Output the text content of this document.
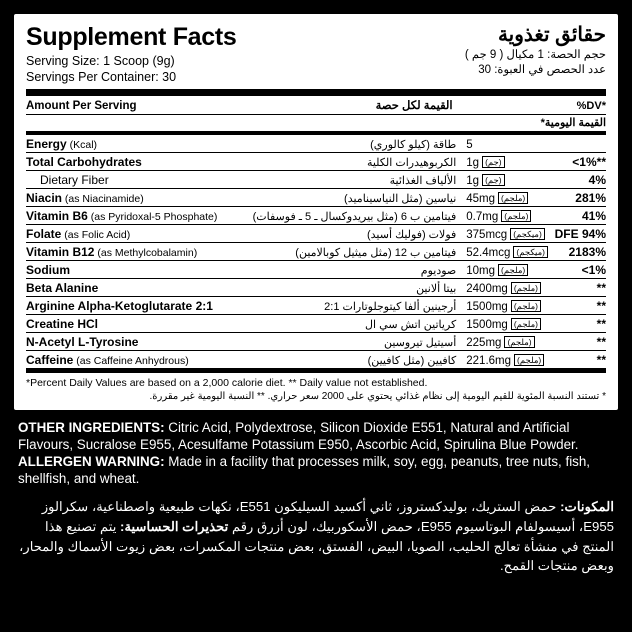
Supplement Facts
Serving Size: 1 Scoop (9g)
Servings Per Container: 30
حقائق تغذوية
حجم الحصة: 1 مكيال ( 9 جم )
عدد الحصص في العبوة: 30
Amount Per Serving	القيمة لكل حصة		%DV*
			*القيمة اليومية
Energy (Kcal)	طاقة (كيلو كالوري)	5	
Total Carbohydrates	الكربوهيدرات الكلية	1g (جم)	<1%**
Dietary Fiber	الألياف الغذائية	1g (جم)	4%
Niacin (as Niacinamide)	نياسين (مثل النياسيناميد)	45mg (ملجم)	281%
Vitamin B6 (as Pyridoxal-5 Phosphate)	فيتامين ب 6 (مثل بيريدوكسال ـ 5 ـ فوسفات)	0.7mg (ملجم)	41%
Folate (as Folic Acid)	فولات (فوليك أسيد)	375mcg (ميكجم)	DFE 94%
Vitamin B12 (as Methylcobalamin)	فيتامين ب 12 (مثل ميثيل كوبالامين)	52.4mcg (ميكجم)	2183%
Sodium	صوديوم	10mg (ملجم)	<1%
Beta Alanine	بيتا ألانين	2400mg (ملجم)	**
Arginine Alpha-Ketoglutarate 2:1	أرجينين ألفا كيتوجلوتارات 2:1	1500mg (ملجم)	**
Creatine HCl	كرياتين اتش سي ال	1500mg (ملجم)	**
N-Acetyl L-Tyrosine	أسيتيل تيروسين	225mg (ملجم)	**
Caffeine (as Caffeine Anhydrous)	كافيين (مثل كافيين)	221.6mg (ملجم)	**
*Percent Daily Values are based on a 2,000 calorie diet. ** Daily value not established.
* تستند النسبة المئوية للقيم اليومية إلى نظام غذائي يحتوي على 2000 سعر حراري. ** النسبة اليومية غير مقررة.
OTHER INGREDIENTS: Citric Acid, Polydextrose, Silicon Dioxide E551, Natural and Artificial Flavours, Sucralose E955, Acesulfame Potassium E950, Ascorbic Acid, Spirulina Blue Powder.
ALLERGEN WARNING: Made in a facility that processes milk, soy, egg, peanuts, tree nuts, fish, shellfish, and wheat.
المكونات: حمض الستريك، بوليدكستروز، ثاني أكسيد السيليكون E551، نكهات طبيعية واصطناعية، سكرالوز E955، أسيسولفام البوتاسيوم E955، حمض الأسكوربيك، لون أزرق رقم تحذيرات الحساسية: يتم تصنيع هذا المنتج في منشأة تعالج الحليب، الصويا، البيض، الفستق، بعض منتجات المكسرات، بعض زيوت الأسماك والمحار، وبعض منتجات القمح.
